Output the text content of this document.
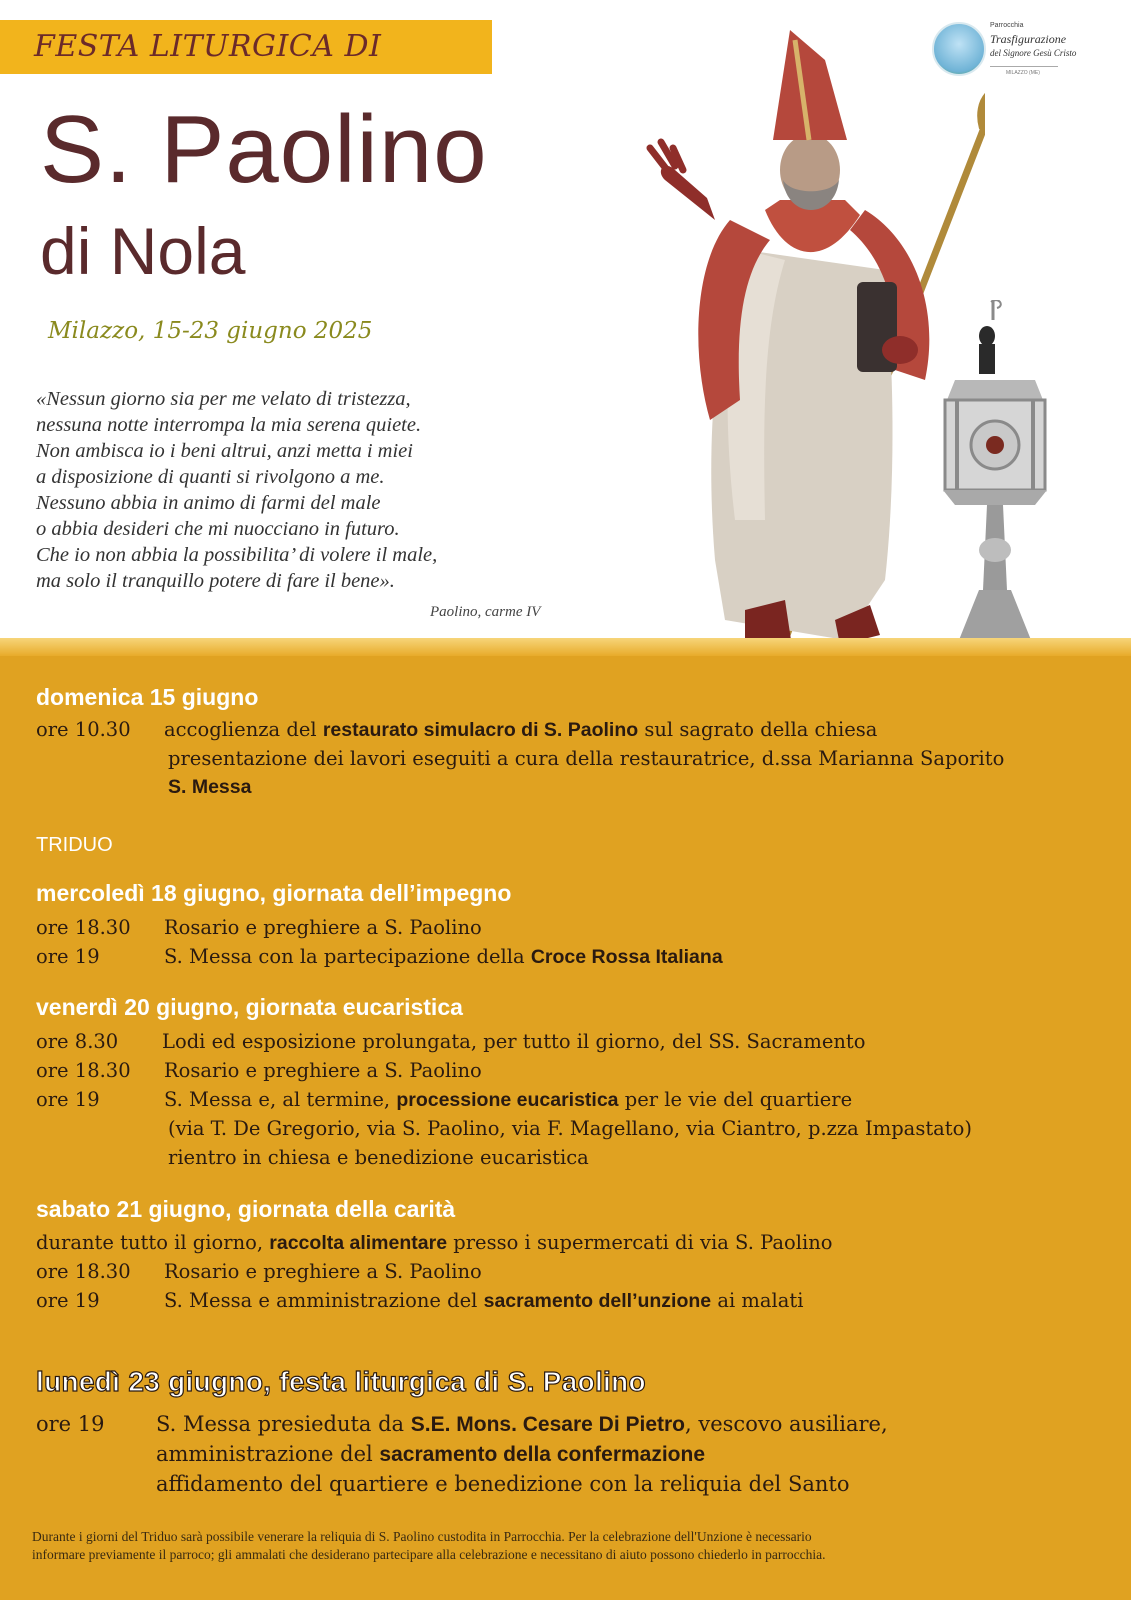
FESTA LITURGICA DI
S. Paolino
di Nola
Milazzo, 15-23 giugno 2025
«Nessun giorno sia per me velato di tristezza,
nessuna notte interrompa la mia serena quiete.
Non ambisca io i beni altrui, anzi metta i miei
a disposizione di quanti si rivolgono a me.
Nessuno abbia in animo di farmi del male
o abbia desideri che mi nuocciano in futuro.
Che io non abbia la possibilita’ di volere il male,
ma solo il tranquillo potere di fare il bene».
Paolino, carme IV
Parrocchia
Trasfigurazione
del Signore Gesù Cristo
MILAZZO (ME)
domenica 15 giugno
ore 10.30 accoglienza del restaurato simulacro di S. Paolino sul sagrato della chiesa
presentazione dei lavori eseguiti a cura della restauratrice, d.ssa Marianna Saporito
S. Messa
TRIDUO
mercoledì 18 giugno, giornata dell’impegno
ore 18.30 Rosario e preghiere a S. Paolino
ore 19	S. Messa con la partecipazione della Croce Rossa Italiana
venerdì 20 giugno, giornata eucaristica
ore 8.30 Lodi ed esposizione prolungata, per tutto il giorno, del SS. Sacramento
ore 18.30 Rosario e preghiere a S. Paolino
ore 19	S. Messa e, al termine, processione eucaristica per le vie del quartiere
(via T. De Gregorio, via S. Paolino, via F. Magellano, via Ciantro, p.zza Impastato)
rientro in chiesa e benedizione eucaristica
sabato 21 giugno, giornata della carità
durante tutto il giorno, raccolta alimentare presso i supermercati di via S. Paolino
ore 18.30 Rosario e preghiere a S. Paolino
ore 19	S. Messa e amministrazione del sacramento dell’unzione ai malati
lunedì 23 giugno, festa liturgica di S. Paolino
ore 19 S. Messa presieduta da S.E. Mons. Cesare Di Pietro, vescovo ausiliare,
amministrazione del sacramento della confermazione
affidamento del quartiere e benedizione con la reliquia del Santo
Durante i giorni del Triduo sarà possibile venerare la reliquia di S. Paolino custodita in Parrocchia. Per la celebrazione dell'Unzione è necessario
informare previamente il parroco; gli ammalati che desiderano partecipare alla celebrazione e necessitano di aiuto possono chiederlo in parrocchia.
